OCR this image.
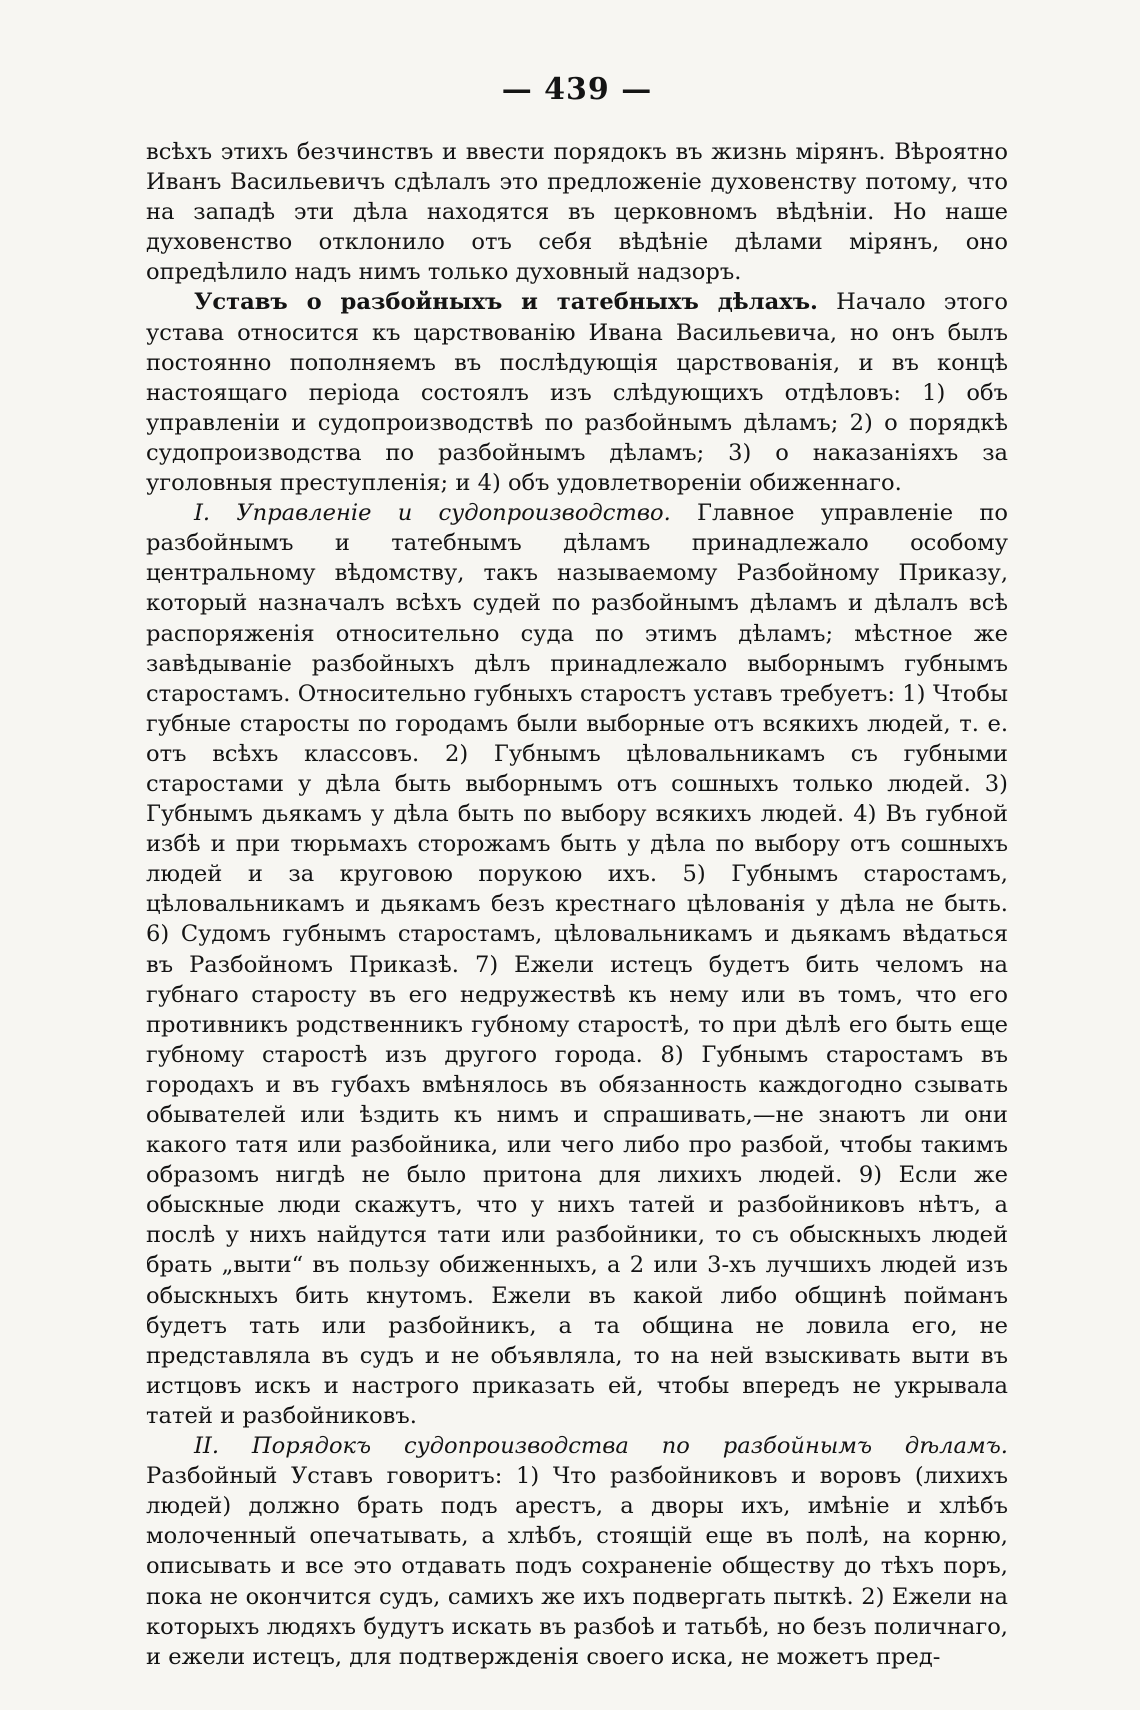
— 439 —

всѣхъ этихъ безчинствъ и ввести порядокъ въ жизнь мірянъ. Вѣроятно Иванъ Васильевичъ сдѣлалъ это предложеніе духовенству потому, что на западѣ эти дѣла находятся въ церковномъ вѣдѣніи. Но наше духовенство отклонило отъ себя вѣдѣніе дѣлами мірянъ, оно опредѣлило надъ нимъ только духовный надзоръ.

Уставъ о разбойныхъ и татебныхъ дѣлахъ. Начало этого устава относится къ царствованію Ивана Васильевича, но онъ былъ постоянно пополняемъ въ послѣдующія царствованія, и въ концѣ настоящаго періода состоялъ изъ слѣдующихъ отдѣловъ: 1) объ управленіи и судопроизводствѣ по разбойнымъ дѣламъ; 2) о порядкѣ судопроизводства по разбойнымъ дѣламъ; 3) о наказаніяхъ за уголовныя преступленія; и 4) объ удовлетвореніи обиженнаго.

I. Управленіе и судопроизводство. Главное управленіе по разбойнымъ и татебнымъ дѣламъ принадлежало особому центральному вѣдомству, такъ называемому Разбойному Приказу, который назначалъ всѣхъ судей по разбойнымъ дѣламъ и дѣлалъ всѣ распоряженія относительно суда по этимъ дѣламъ; мѣстное же завѣдываніе разбойныхъ дѣлъ принадлежало выборнымъ губнымъ старостамъ. Относительно губныхъ старостъ уставъ требуетъ: 1) Чтобы губные старосты по городамъ были выборные отъ всякихъ людей, т. е. отъ всѣхъ классовъ. 2) Губнымъ цѣловальникамъ съ губными старостами у дѣла быть выборнымъ отъ сошныхъ только людей. 3) Губнымъ дьякамъ у дѣла быть по выбору всякихъ людей. 4) Въ губной избѣ и при тюрьмахъ сторожамъ быть у дѣла по выбору отъ сошныхъ людей и за круговою порукою ихъ. 5) Губнымъ старостамъ, цѣловальникамъ и дьякамъ безъ крестнаго цѣлованія у дѣла не быть. 6) Судомъ губнымъ старостамъ, цѣловальникамъ и дьякамъ вѣдаться въ Разбойномъ Приказѣ. 7) Ежели истецъ будетъ бить челомъ на губнаго старосту въ его недружествѣ къ нему или въ томъ, что его противникъ родственникъ губному старостѣ, то при дѣлѣ его быть еще губному старостѣ изъ другого города. 8) Губнымъ старостамъ въ городахъ и въ губахъ вмѣнялось въ обязанность каждогодно сзывать обывателей или ѣздить къ нимъ и спрашивать,—не знаютъ ли они какого татя или разбойника, или чего либо про разбой, чтобы такимъ образомъ нигдѣ не было притона для лихихъ людей. 9) Если же обыскные люди скажутъ, что у нихъ татей и разбойниковъ нѣтъ, а послѣ у нихъ найдутся тати или разбойники, то съ обыскныхъ людей брать „выти“ въ пользу обиженныхъ, а 2 или 3-хъ лучшихъ людей изъ обыскныхъ бить кнутомъ. Ежели въ какой либо общинѣ пойманъ будетъ тать или разбойникъ, а та община не ловила его, не представляла въ судъ и не объявляла, то на ней взыскивать выти въ истцовъ искъ и настрого приказать ей, чтобы впередъ не укрывала татей и разбойниковъ.

II. Порядокъ судопроизводства по разбойнымъ дѣламъ. Разбойный Уставъ говоритъ: 1) Что разбойниковъ и воровъ (лихихъ людей) должно брать подъ арестъ, а дворы ихъ, имѣніе и хлѣбъ молоченный опечатывать, а хлѣбъ, стоящій еще въ полѣ, на корню, описывать и все это отдавать подъ сохраненіе обществу до тѣхъ поръ, пока не окончится судъ, самихъ же ихъ подвергать пыткѣ. 2) Ежели на которыхъ людяхъ будутъ искать въ разбоѣ и татьбѣ, но безъ поличнаго, и ежели истецъ, для подтвержденія своего иска, не можетъ пред-
